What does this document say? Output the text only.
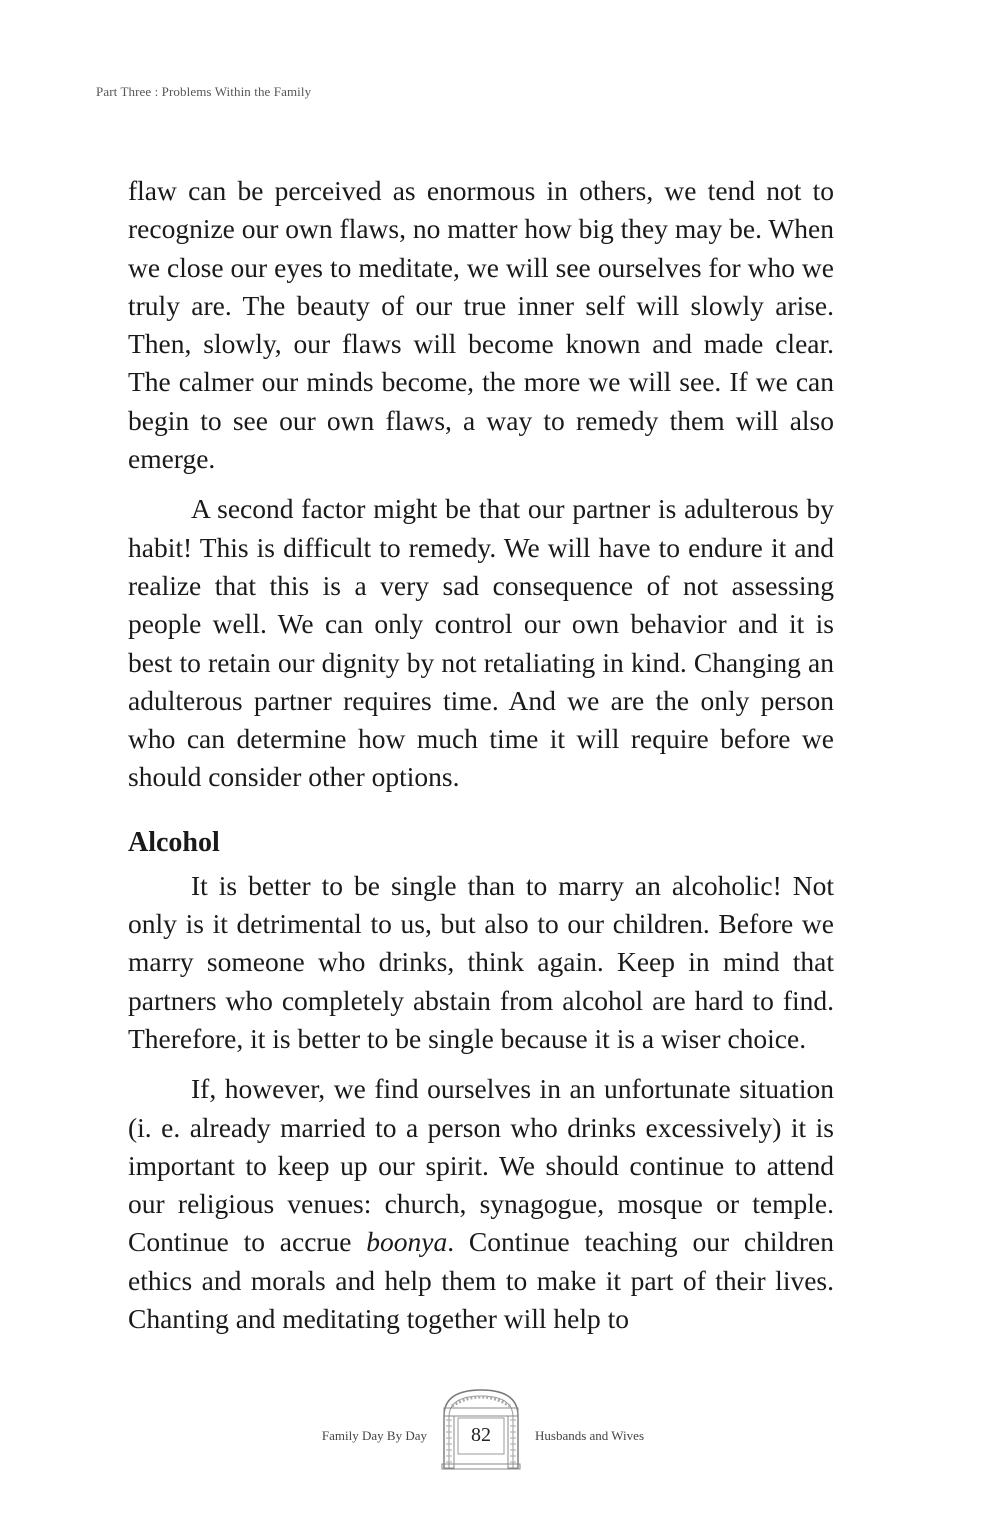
Part Three : Problems Within the Family

flaw can be perceived as enormous in others, we tend not to recognize our own flaws, no matter how big they may be. When we close our eyes to meditate, we will see ourselves for who we truly are. The beauty of our true inner self will slowly arise. Then, slowly, our flaws will become known and made clear. The calmer our minds become, the more we will see. If we can begin to see our own flaws, a way to remedy them will also emerge.

A second factor might be that our partner is adulterous by habit! This is difficult to remedy. We will have to endure it and realize that this is a very sad consequence of not assessing people well. We can only control our own behavior and it is best to retain our dignity by not retaliating in kind. Changing an adulterous partner requires time. And we are the only person who can determine how much time it will require before we should consider other options.

Alcohol

It is better to be single than to marry an alcoholic! Not only is it detrimental to us, but also to our children. Before we marry someone who drinks, think again. Keep in mind that partners who completely abstain from alcohol are hard to find. Therefore, it is better to be single because it is a wiser choice.

If, however, we find ourselves in an unfortunate situation (i. e. already married to a person who drinks excessively) it is important to keep up our spirit. We should continue to attend our religious venues: church, synagogue, mosque or temple. Continue to accrue boonya. Continue teaching our children ethics and morals and help them to make it part of their lives. Chanting and meditating together will help to

Family Day By Day	82	Husbands and Wives
